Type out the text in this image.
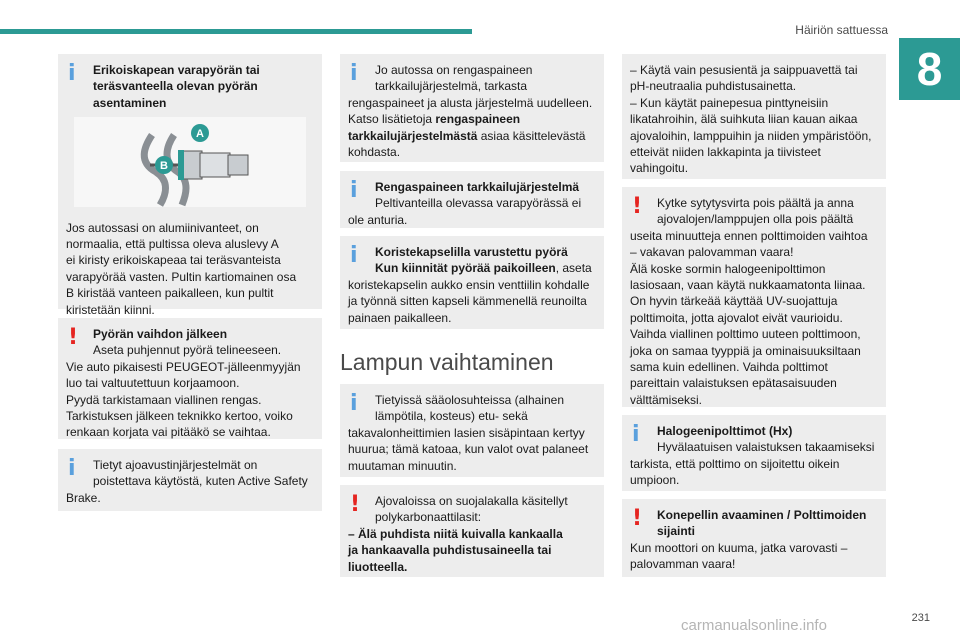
Häiriön sattuessa
8
i	Erikoiskapean varapyörän tai teräsvanteella olevan pyörän asentaminen

A
B

Jos autossasi on alumiinivanteet, on

normaalia, että pultissa oleva aluslevy A

ei kiristy erikoiskapeaa tai teräsvanteista

varapyörää vasten. Pultin kartiomainen osa

B kiristää vanteen paikalleen, kun pultit

kiristetään kiinni.

!	Pyörän vaihdon jälkeen

Aseta puhjennut pyörä telineeseen.

Vie auto pikaisesti PEUGEOT-jälleenmyyjän

luo tai valtuutettuun korjaamoon.

Pyydä tarkistamaan viallinen rengas.

Tarkistuksen jälkeen teknikko kertoo, voiko

renkaan korjata vai pitääkö se vaihtaa.

i	Tietyt ajoavustinjärjestelmät on

poistettava käytöstä, kuten Active Safety

Brake.

i	Jo autossa on rengaspaineen

tarkkailujärjestelmä, tarkasta

rengaspaineet ja alusta järjestelmä uudelleen.

Katso lisätietoja rengaspaineen

tarkkailujärjestelmästä asiaa käsittelevästä

kohdasta.

i	Rengaspaineen tarkkailujärjestelmä

Peltivanteilla olevassa varapyörässä ei

ole anturia.

i	Koristekapselilla varustettu pyörä

Kun kiinnität pyörää paikoilleen, aseta

koristekapselin aukko ensin venttiilin kohdalle

ja työnnä sitten kapseli kämmenellä reunoilta

painaen paikalleen.

Lampun vaihtaminen
i	Tietyissä sääolosuhteissa (alhainen

lämpötila, kosteus) etu- sekä

takavalonheittimien lasien sisäpintaan kertyy

huurua; tämä katoaa, kun valot ovat palaneet

muutaman minuutin.

!	Ajovaloissa on suojalakalla käsitellyt

polykarbonaattilasit:

– Älä puhdista niitä kuivalla kankaalla

ja hankaavalla puhdistusaineella tai

liuotteella.

– Käytä vain pesusientä ja saippuavettä tai

pH-neutraalia puhdistusainetta.

– Kun käytät painepesua pinttyneisiin

likatahroihin, älä suihkuta liian kauan aikaa

ajovaloihin, lamppuihin ja niiden ympäristöön,

etteivät niiden lakkapinta ja tiivisteet

vahingoitu.

!	Kytke sytytysvirta pois päältä ja anna

ajovalojen/lamppujen olla pois päältä

useita minuutteja ennen polttimoiden vaihtoa

– vakavan palovamman vaara!

Älä koske sormin halogeenipolttimon

lasiosaan, vaan käytä nukkaamatonta liinaa.

On hyvin tärkeää käyttää UV-suojattuja

polttimoita, jotta ajovalot eivät vaurioidu.

Vaihda viallinen polttimo uuteen polttimoon,

joka on samaa tyyppiä ja ominaisuuksiltaan

sama kuin edellinen. Vaihda polttimot

pareittain valaistuksen epätasaisuuden

välttämiseksi.

i	Halogeenipolttimot (Hx)

Hyvälaatuisen valaistuksen takaamiseksi

tarkista, että polttimo on sijoitettu oikein

umpioon.

!	Konepellin avaaminen / Polttimoiden

sijainti

Kun moottori on kuuma, jatka varovasti –

palovamman vaara!

carmanualsonline.info	231
